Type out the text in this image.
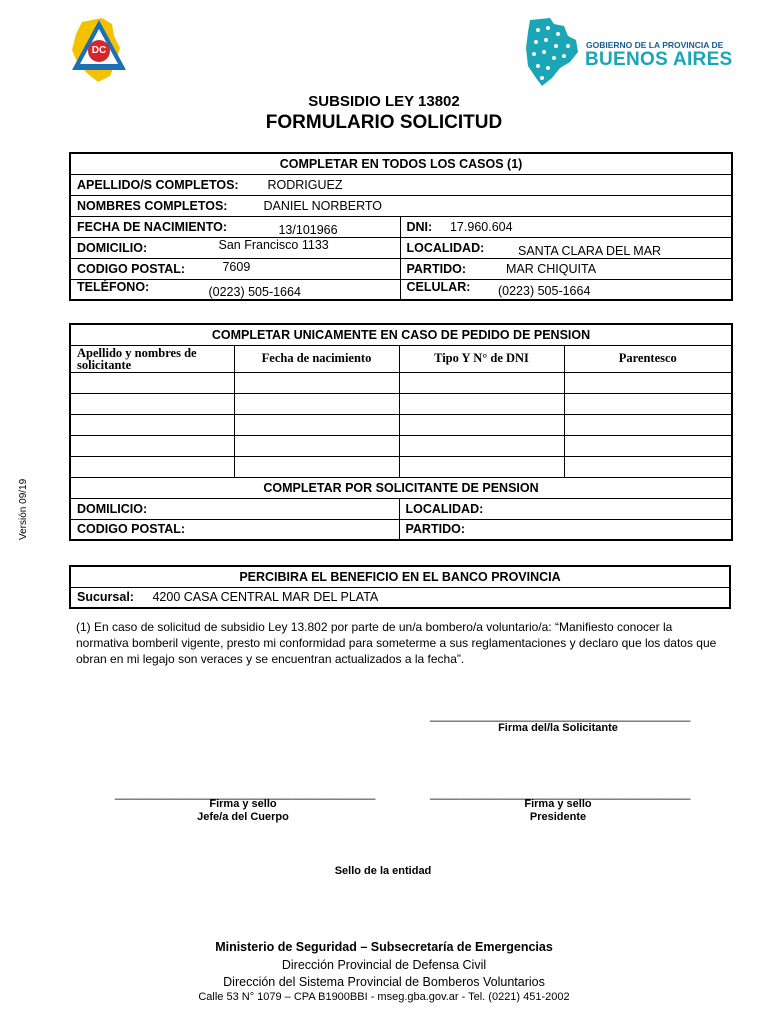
DC	GOBIERNO DE LA PROVINCIA DE
BUENOS AIRES
SUBSIDIO LEY 13802
FORMULARIO SOLICITUD
Versión 09/19
COMPLETAR EN TODOS LOS CASOS (1)	
APELLIDO/S COMPLETOS: RODRIGUEZ	
NOMBRES COMPLETOS: DANIEL NORBERTO	
FECHA DE NACIMIENTO: 13/101966	DNI: 17.960.604
DOMICILIO: San Francisco 1133	LOCALIDAD: SANTA CLARA DEL MAR
CODIGO POSTAL: 7609	PARTIDO: MAR CHIQUITA
TELÉFONO: (0223) 505-1664	CELULAR: (0223) 505-1664
COMPLETAR UNICAMENTE EN CASO DE PEDIDO DE PENSION			
Apellido y nombres de solicitante	Fecha de nacimiento	Tipo Y N° de DNI	Parentesco

COMPLETAR POR SOLICITANTE DE PENSION			
DOMILICIO:		LOCALIDAD:	
CODIGO POSTAL:		PARTIDO:	
PERCIBIRA EL BENEFICIO EN EL BANCO PROVINCIA
Sucursal: 4200 CASA CENTRAL MAR DEL PLATA
(1) En caso de solicitud de subsidio Ley 13.802 por parte de un/a bombero/a voluntario/a: “Manifiesto conocer la normativa bomberil vigente, presto mi conformidad para someterme a sus reglamentaciones y declaro que los datos que obran en mi legajo son veraces y se encuentran actualizados a la fecha”.
_______________________________________
Firma del/la Solicitante
_______________________________________
Firma y sello
Jefe/a del Cuerpo
_______________________________________
Firma y sello
Presidente
Sello de la entidad
Ministerio de Seguridad – Subsecretaría de Emergencias
Dirección Provincial de Defensa Civil
Dirección del Sistema Provincial de Bomberos Voluntarios
Calle 53 N° 1079 – CPA B1900BBI - mseg.gba.gov.ar - Tel. (0221) 451-2002
